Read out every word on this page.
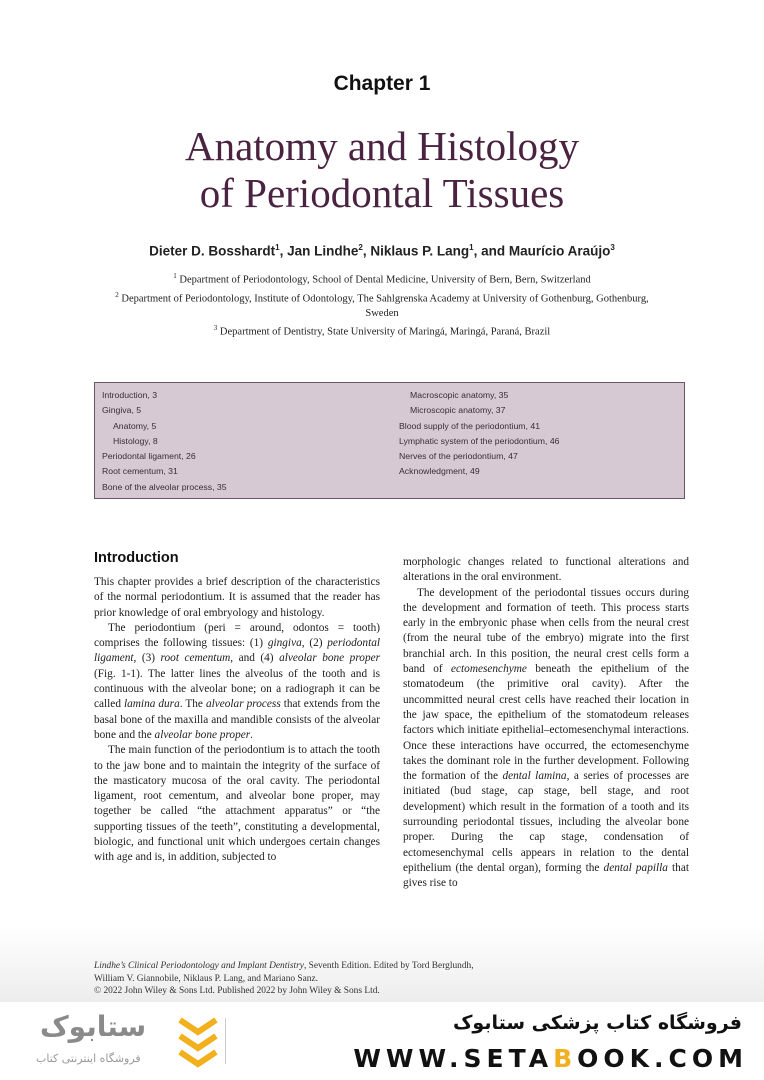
Chapter 1
Anatomy and Histology
of Periodontal Tissues
Dieter D. Bosshardt$^1$, Jan Lindhe$^2$, Niklaus P. Lang$^1$, and Maurício Araújo$^3$
$^1$ Department of Periodontology, School of Dental Medicine, University of Bern, Bern, Switzerland
$^2$ Department of Periodontology, Institute of Odontology, The Sahlgrenska Academy at University of Gothenburg, Gothenburg, Sweden
$^3$ Department of Dentistry, State University of Maringá, Maringá, Paraná, Brazil
Introduction, 3
Gingiva, 5
Anatomy, 5
Histology, 8
Periodontal ligament, 26
Root cementum, 31
Bone of the alveolar process, 35
Macroscopic anatomy, 35
Microscopic anatomy, 37
Blood supply of the periodontium, 41
Lymphatic system of the periodontium, 46
Nerves of the periodontium, 47
Acknowledgment, 49
Introduction

This chapter provides a brief description of the characteristics of the normal periodontium. It is assumed that the reader has prior knowledge of oral embryology and histology.

The periodontium (peri = around, odontos = tooth) comprises the following tissues: (1) gingiva, (2) periodontal ligament, (3) root cementum, and (4) alveolar bone proper (Fig. 1-1). The latter lines the alveolus of the tooth and is continuous with the alveolar bone; on a radiograph it can be called lamina dura. The alveolar process that extends from the basal bone of the maxilla and mandible consists of the alveolar bone and the alveolar bone proper.

The main function of the periodontium is to attach the tooth to the jaw bone and to maintain the integrity of the surface of the masticatory mucosa of the oral cavity. The periodontal ligament, root cementum, and alveolar bone proper, may together be called “the attachment apparatus” or “the supporting tissues of the teeth”, constituting a developmental, biologic, and functional unit which undergoes certain changes with age and is, in addition, subjected to

morphologic changes related to functional alterations and alterations in the oral environment.

The development of the periodontal tissues occurs during the development and formation of teeth. This process starts early in the embryonic phase when cells from the neural crest (from the neural tube of the embryo) migrate into the first branchial arch. In this position, the neural crest cells form a band of ectomesenchyme beneath the epithelium of the stomatodeum (the primitive oral cavity). After the uncommitted neural crest cells have reached their location in the jaw space, the epithelium of the stomatodeum releases factors which initiate epithelial–ectomesenchymal interactions. Once these interactions have occurred, the ectomesenchyme takes the dominant role in the further development. Following the formation of the dental lamina, a series of processes are initiated (bud stage, cap stage, bell stage, and root development) which result in the formation of a tooth and its surrounding periodontal tissues, including the alveolar bone proper. During the cap stage, condensation of ectomesenchymal cells appears in relation to the dental epithelium (the dental organ), forming the dental papilla that gives rise to

Lindhe’s Clinical Periodontology and Implant Dentistry, Seventh Edition. Edited by Tord Berglundh,
William V. Giannobile, Niklaus P. Lang, and Mariano Sanz.
© 2022 John Wiley & Sons Ltd. Published 2022 by John Wiley & Sons Ltd.
ستابوک
فروشگاه اینترنتی کتاب
فروشگاه کتاب پزشکی ستابوک
WWW.SETABOOK.COM
